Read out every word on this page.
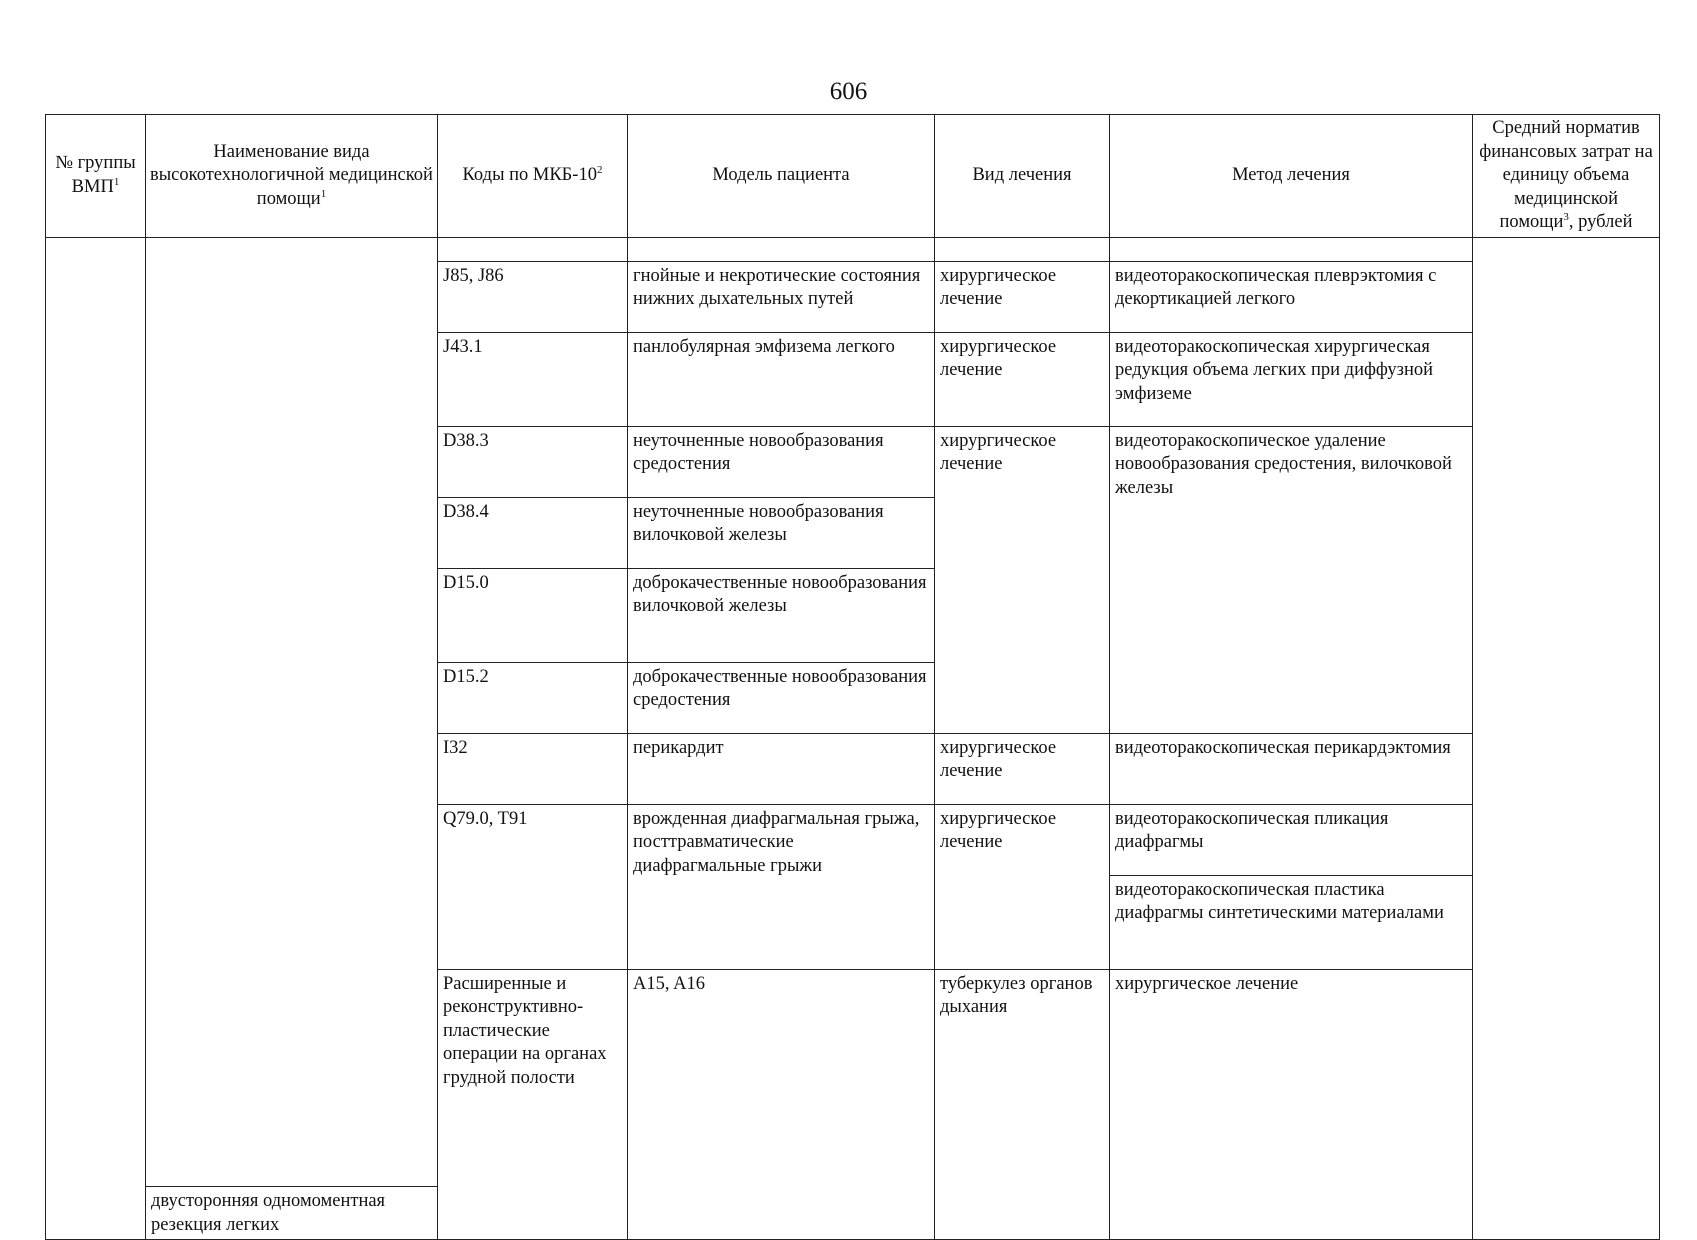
606
№ группы ВМП$^1$	Наименование вида высокотехнологичной медицинской помощи$^1$	Коды по МКБ-$10^2$	Модель пациента	Вид лечения	Метод лечения	Средний норматив финансовых затрат на единицу объема медицинской помощи$^3$, рублей	

		J85, J86	гнойные и некротические состояния нижних дыхательных путей	хирургическое лечение	видеоторакоскопическая плеврэктомия с декортикацией легкого		
		J43.1	панлобулярная эмфизема легкого	хирургическое лечение	видеоторакоскопическая хирургическая редукция объема легких при диффузной эмфиземе		
		D38.3	неуточненные новообразования средостения	хирургическое лечение	видеоторакоскопическое удаление новообразования средостения, вилочковой железы		
		D38.4	неуточненные новообразования вилочковой железы				
		D15.0	доброкачественные новообразования вилочковой железы				
		D15.2	доброкачественные новообразования средостения				
		I32	перикардит	хирургическое лечение	видеоторакоскопическая перикардэктомия		
		Q79.0, T91	врожденная диафрагмальная грыжа, посттравматические диафрагмальные грыжи	хирургическое лечение	видеоторакоскопическая пликация диафрагмы		
					видеоторакоскопическая пластика диафрагмы синтетическими материалами		
		Расширенные и реконструктивно-пластические операции на органах грудной полости	A15, A16	туберкулез органов дыхания	хирургическое лечение	
	двусторонняя одномоментная резекция легких						
